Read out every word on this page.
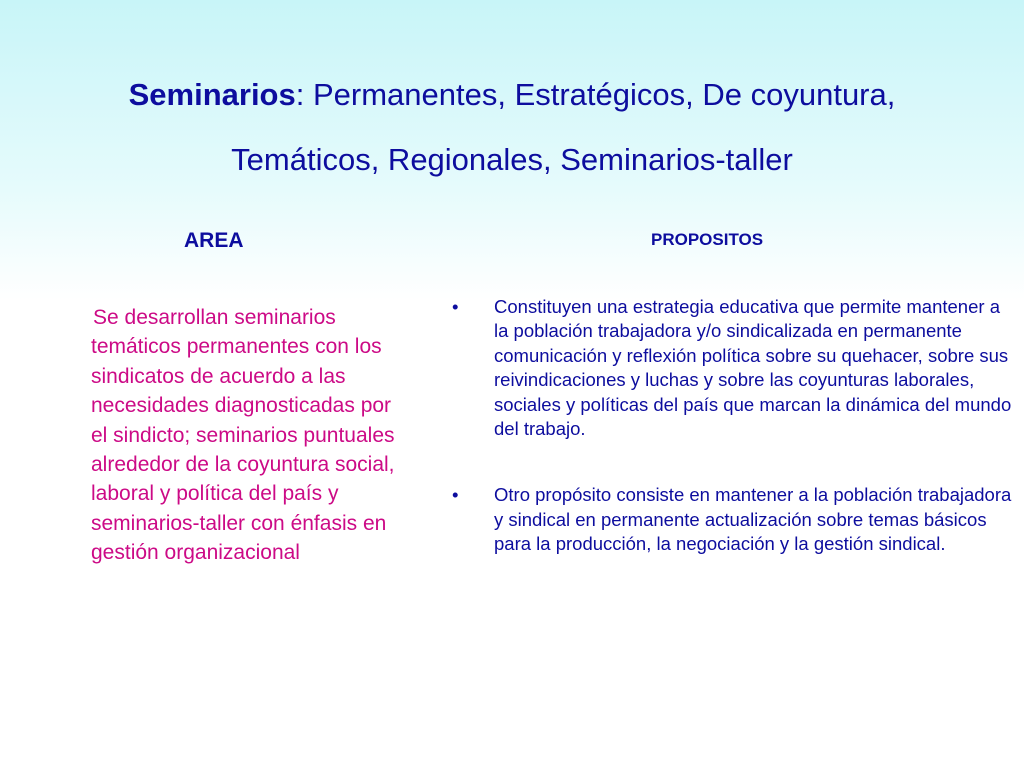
Seminarios: Permanentes, Estratégicos, De coyuntura,
Temáticos, Regionales, Seminarios-taller
AREA

Se desarrollan seminarios temáticos permanentes con los sindicatos de acuerdo a las necesidades diagnosticadas por el sindicto; seminarios puntuales alrededor de la coyuntura social, laboral y política del país y seminarios-taller con énfasis en gestión organizacional

PROPOSITOS
•	Constituyen una estrategia educativa que permite mantener a la población trabajadora y/o sindicalizada en permanente comunicación y reflexión política sobre su quehacer, sobre sus reivindicaciones y luchas y sobre las coyunturas laborales, sociales y políticas del país que marcan la dinámica del mundo del trabajo.
•	Otro propósito consiste en mantener a la población trabajadora y sindical en permanente actualización sobre temas básicos para la producción, la negociación y la gestión sindical.
